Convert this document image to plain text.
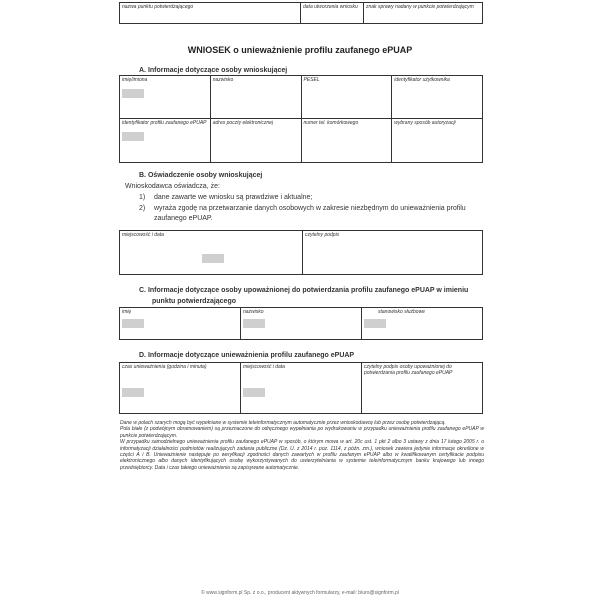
nazwa punktu potwierdzającego	data utworzenia wniosku	znak sprawy nadany w punkcie potwierdzającym
WNIOSEK o unieważnienie profilu zaufanego ePUAP
A. Informacje dotyczące osoby wnioskującej
imię/imiona	nazwisko	PESEL	identyfikator użytkownika
identyfikator profilu zaufanego ePUAP	adres poczty elektronicznej	numer tel. komórkowego	wybrany sposób autoryzacji
B. Oświadczenie osoby wnioskującej
Wnioskodawca oświadcza, że:
1) dane zawarte we wniosku są prawdziwe i aktualne;
2) wyraża zgodę na przetwarzanie danych osobowych w zakresie niezbędnym do unieważnienia profilu
zaufanego ePUAP.
miejscowość i data	czytelny podpis
C. Informacje dotyczące osoby upoważnionej do potwierdzania profilu zaufanego ePUAP w imieniu
punktu potwierdzającego
imię	nazwisko	stanowisko służbowe
D. Informacje dotyczące unieważnienia profilu zaufanego ePUAP
czas unieważnienia (godzina i minuta)	miejscowość i data	czytelny podpis osoby upoważnionej do potwierdzania profilu zaufanego ePUAP
Dane w polach szarych mogą być wypełniane w systemie teleinformatycznym automatycznie przez wnioskodawcę lub przez osobę potwierdzającą.
Pola białe (z podwójnym obramowaniem) są przeznaczone do odręcznego wypełniania po wydrukowaniu w przypadku unieważnienia profilu zaufanego ePUAP w punkcie potwierdzającym.
W przypadku samodzielnego unieważnienia profilu zaufanego ePUAP w sposób, o którym mowa w art. 20c ust. 1 pkt 2 albo 3 ustawy z dnia 17 lutego 2005 r. o informatyzacji działalności podmiotów realizujących zadania publiczne (Dz. U. z 2014 r. poz. 1114, z późn. zm.), wniosek zawiera jedynie informacje określone w części A i B. Unieważnienie następuje po weryfikacji zgodności danych zawartych w profilu zaufanym ePUAP albo w kwalifikowanym certyfikacie podpisu elektronicznego albo danych identyfikujących osobę wykorzystywanych do uwierzytelniania w systemie teleinformatycznym banku krajowego lub innego przedsiębiorcy. Data i czas takiego unieważnienia są zapisywane automatycznie.
© www.signform.pl Sp. z o.o., producent aktywnych formularzy, e-mail: biuro@signform.pl
